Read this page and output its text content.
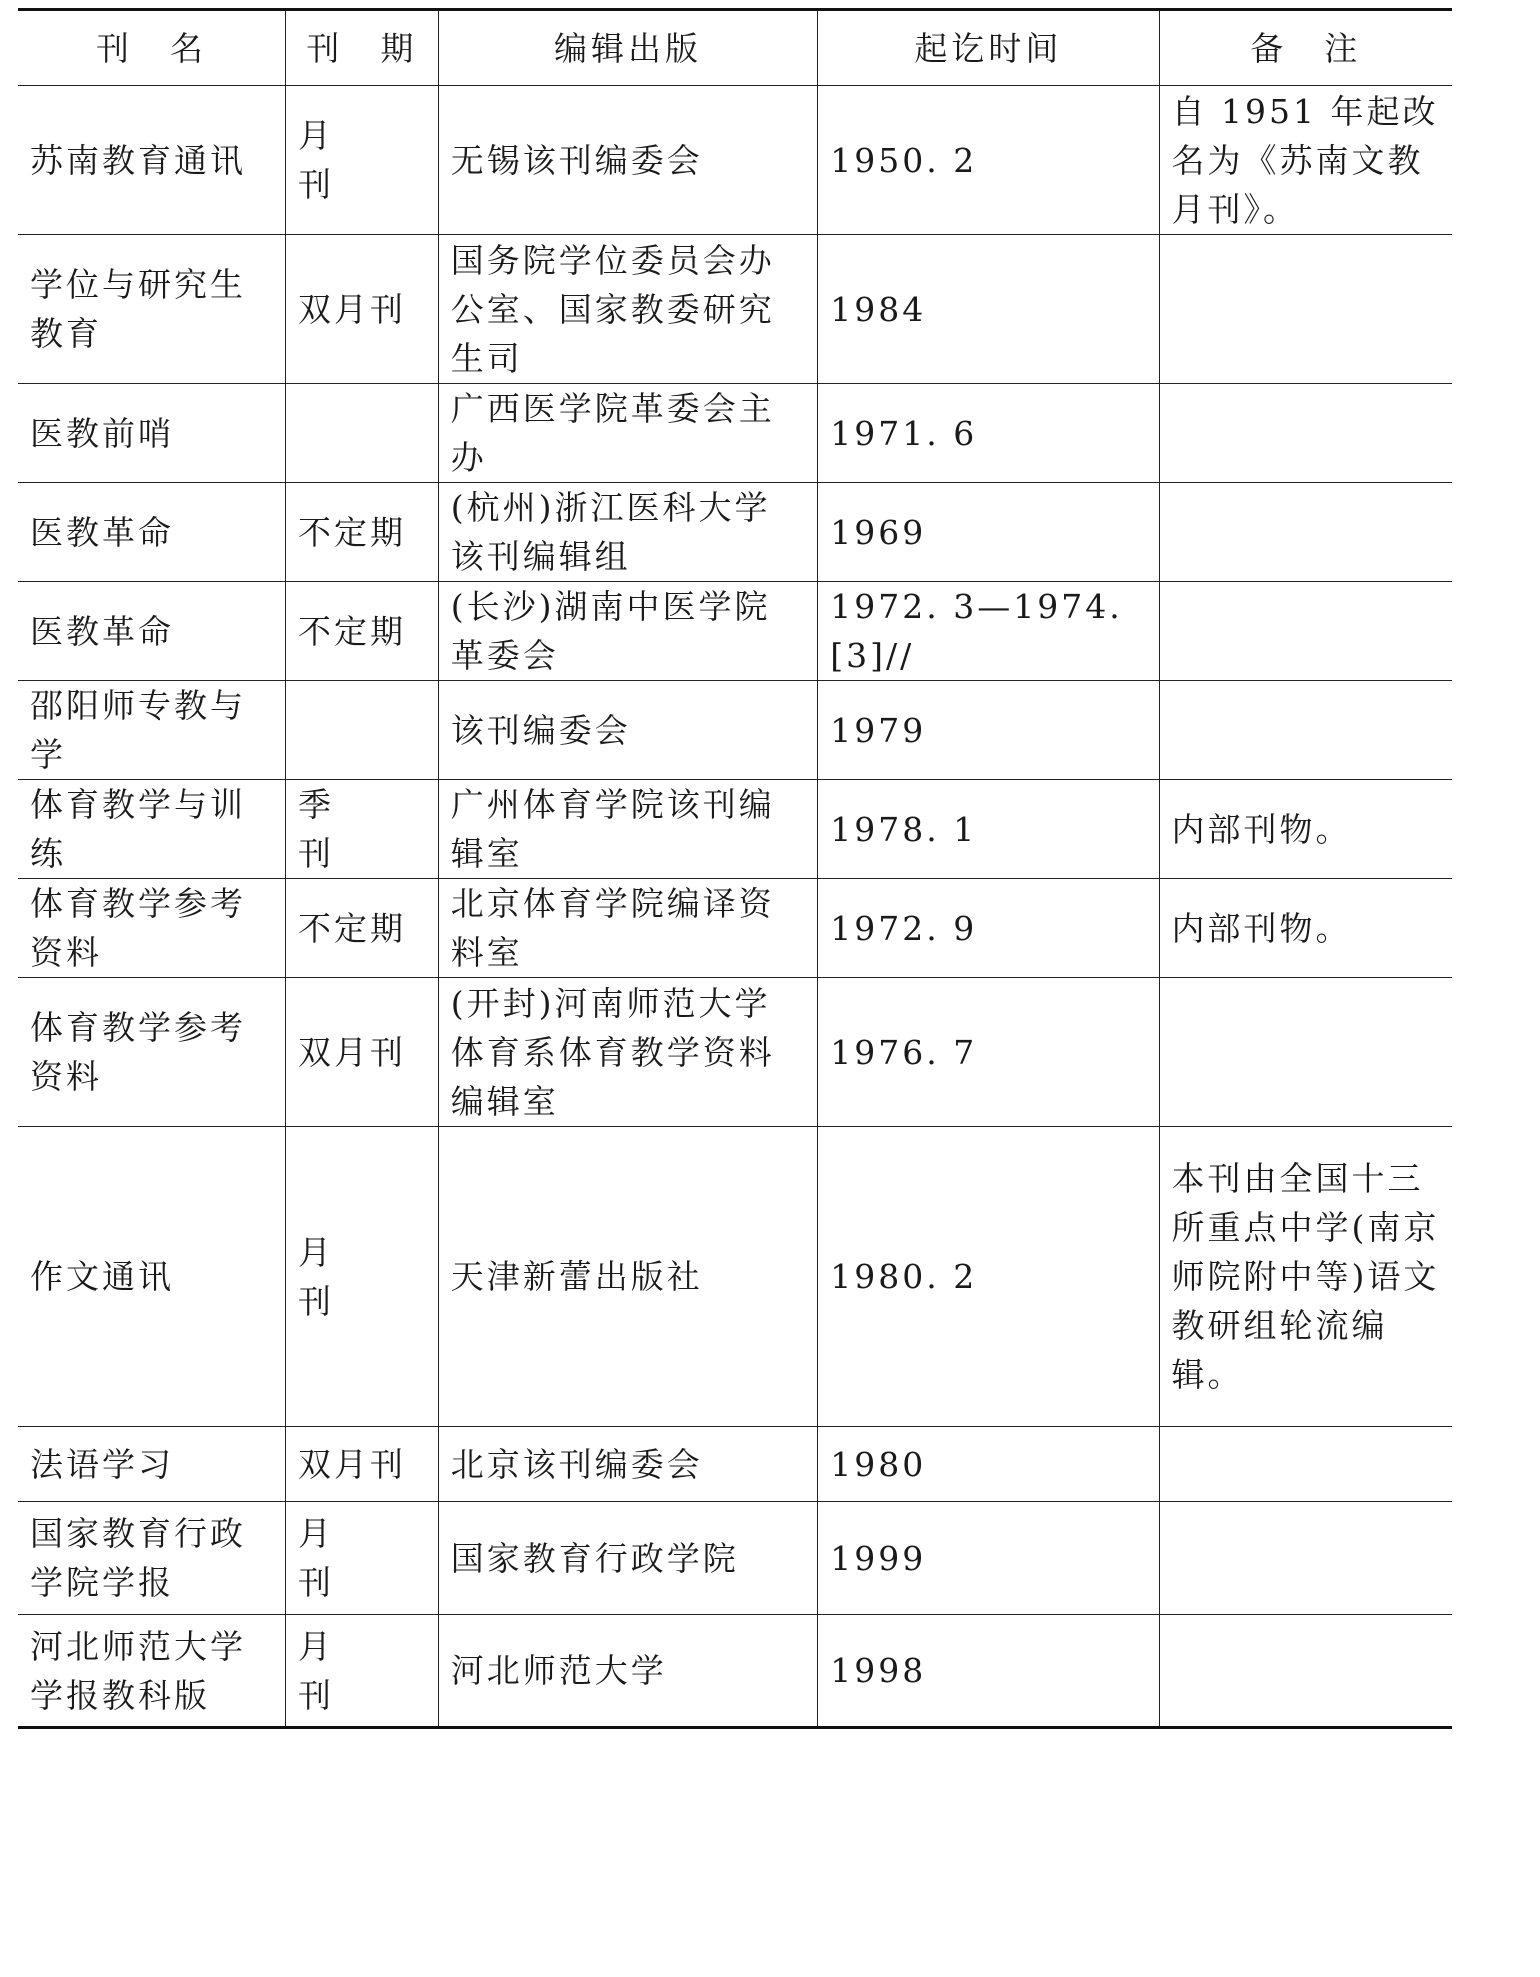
刊　名	刊　期	编辑出版	起讫时间	备　注
苏南教育通讯	月刊	无锡该刊编委会	1950. 2	自 1951 年起改名为《苏南文教月刊》。
学位与研究生教育	双月刊	国务院学位委员会办公室、国家教委研究生司	1984	
医教前哨		广西医学院革委会主办	1971. 6	
医教革命	不定期	(杭州)浙江医科大学该刊编辑组	1969	
医教革命	不定期	(长沙)湖南中医学院革委会	1972. 3—1974. [3]//	
邵阳师专教与学		该刊编委会	1979	
体育教学与训练	季刊	广州体育学院该刊编辑室	1978. 1	内部刊物。
体育教学参考资料	不定期	北京体育学院编译资料室	1972. 9	内部刊物。
体育教学参考资料	双月刊	(开封)河南师范大学体育系体育教学资料编辑室	1976. 7	
作文通讯	月刊	天津新蕾出版社	1980. 2	本刊由全国十三所重点中学(南京师院附中等)语文教研组轮流编辑。
法语学习	双月刊	北京该刊编委会	1980	
国家教育行政学院学报	月刊	国家教育行政学院	1999	
河北师范大学学报教科版	月刊	河北师范大学	1998	
